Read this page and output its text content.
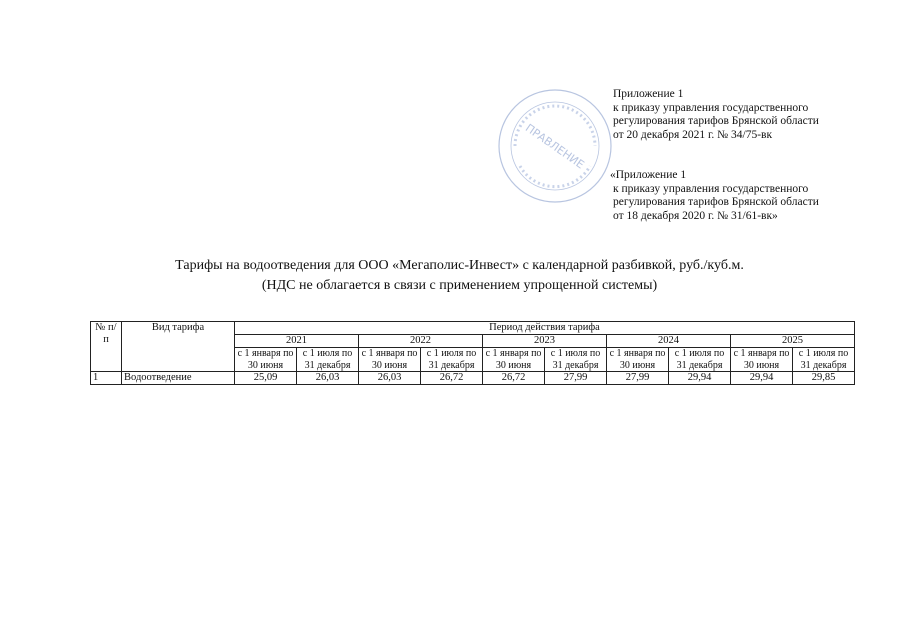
ПРАВЛЕНИЕ
Приложение 1
к приказу управления государственного
регулирования тарифов Брянской области
от 20 декабря 2021 г. № 34/75-вк
«Приложение 1
к приказу управления государственного
регулирования тарифов Брянской области
от 18 декабря 2020 г. № 31/61-вк»
Тарифы на водоотведения для ООО «Мегаполис-Инвест» с календарной разбивкой, руб./куб.м.
(НДС не облагается в связи с применением упрощенной системы)
№ п/п	Вид тарифа	Период действия тарифа									
		2021		2022		2023		2024		2025	
		с 1 января по 30 июня	с 1 июля по 31 декабря	с 1 января по 30 июня	с 1 июля по 31 декабря	с 1 января по 30 июня	с 1 июля по 31 декабря	с 1 января по 30 июня	с 1 июля по 31 декабря	с 1 января по 30 июня	с 1 июля по 31 декабря
1	Водоотведение	25,09	26,03	26,03	26,72	26,72	27,99	27,99	29,94	29,94	29,85
